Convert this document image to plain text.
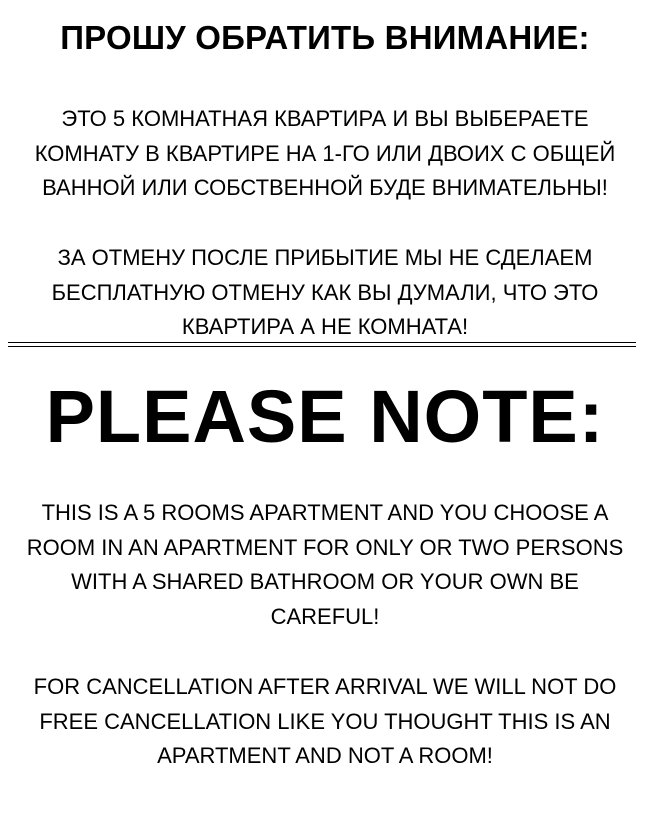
ПРОШУ ОБРАТИТЬ ВНИМАНИЕ:

ЭТО 5 КОМНАТНАЯ КВАРТИРА И ВЫ ВЫБЕРАЕТЕ
КОМНАТУ В КВАРТИРЕ НА 1-ГО ИЛИ ДВОИХ С ОБЩЕЙ
ВАННОЙ ИЛИ СОБСТВЕННОЙ БУДЕ ВНИМАТЕЛЬНЫ!

ЗА ОТМЕНУ ПОСЛЕ ПРИБЫТИЕ МЫ НЕ СДЕЛАЕМ
БЕСПЛАТНУЮ ОТМЕНУ КАК ВЫ ДУМАЛИ, ЧТО ЭТО
КВАРТИРА А НЕ КОМНАТА!

PLEASE NOTE:

THIS IS A 5 ROOMS APARTMENT AND YOU CHOOSE A
ROOM IN AN APARTMENT FOR ONLY OR TWO PERSONS
WITH A SHARED BATHROOM OR YOUR OWN BE
CAREFUL!

FOR CANCELLATION AFTER ARRIVAL WE WILL NOT DO
FREE CANCELLATION LIKE YOU THOUGHT THIS IS AN
APARTMENT AND NOT A ROOM!
